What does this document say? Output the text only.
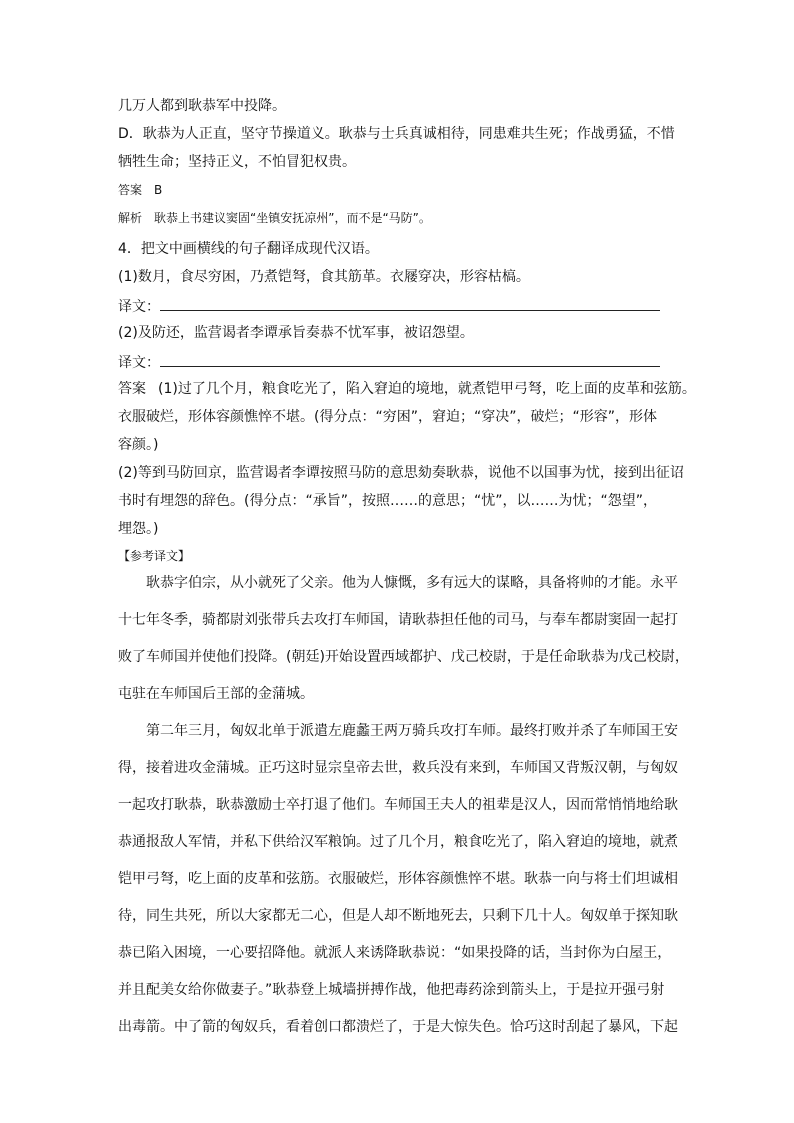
几万人都到耿恭军中投降。
D．耿恭为人正直，坚守节操道义。耿恭与士兵真诚相待，同患难共生死；作战勇猛，不惜
牺牲生命；坚持正义，不怕冒犯权贵。
答案 B
解析 耿恭上书建议窦固“坐镇安抚凉州”，而不是“马防”。
4．把文中画横线的句子翻译成现代汉语。
(1)数月，食尽穷困，乃煮铠弩，食其筋革。衣屦穿决，形容枯槁。
译文：
(2)及防还，监营谒者李谭承旨奏恭不忧军事，被诏怨望。
译文：
答案 (1)过了几个月，粮食吃光了，陷入窘迫的境地，就煮铠甲弓弩，吃上面的皮革和弦筋。
衣服破烂，形体容颜憔悴不堪。(得分点：“穷困”，窘迫；“穿决”，破烂；“形容”，形体
容颜。)
(2)等到马防回京，监营谒者李谭按照马防的意思劾奏耿恭，说他不以国事为忧，接到出征诏
书时有埋怨的辞色。(得分点：“承旨”，按照……的意思；“忧”，以……为忧；“怨望”，
埋怨。)
【参考译文】
耿恭字伯宗，从小就死了父亲。他为人慷慨，多有远大的谋略，具备将帅的才能。永平
十七年冬季，骑都尉刘张带兵去攻打车师国，请耿恭担任他的司马，与奉车都尉窦固一起打
败了车师国并使他们投降。(朝廷)开始设置西域都护、戊己校尉，于是任命耿恭为戊己校尉，
屯驻在车师国后王部的金蒲城。
第二年三月，匈奴北单于派遣左鹿蠡王两万骑兵攻打车师。最终打败并杀了车师国王安
得，接着进攻金蒲城。正巧这时显宗皇帝去世，救兵没有来到，车师国又背叛汉朝，与匈奴
一起攻打耿恭，耿恭激励士卒打退了他们。车师国王夫人的祖辈是汉人，因而常悄悄地给耿
恭通报敌人军情，并私下供给汉军粮饷。过了几个月，粮食吃光了，陷入窘迫的境地，就煮
铠甲弓弩，吃上面的皮革和弦筋。衣服破烂，形体容颜憔悴不堪。耿恭一向与将士们坦诚相
待，同生共死，所以大家都无二心，但是人却不断地死去，只剩下几十人。匈奴单于探知耿
恭已陷入困境，一心要招降他。就派人来诱降耿恭说：“如果投降的话，当封你为白屋王，
并且配美女给你做妻子。”耿恭登上城墙拼搏作战，他把毒药涂到箭头上，于是拉开强弓射
出毒箭。中了箭的匈奴兵，看着创口都溃烂了，于是大惊失色。恰巧这时刮起了暴风，下起
